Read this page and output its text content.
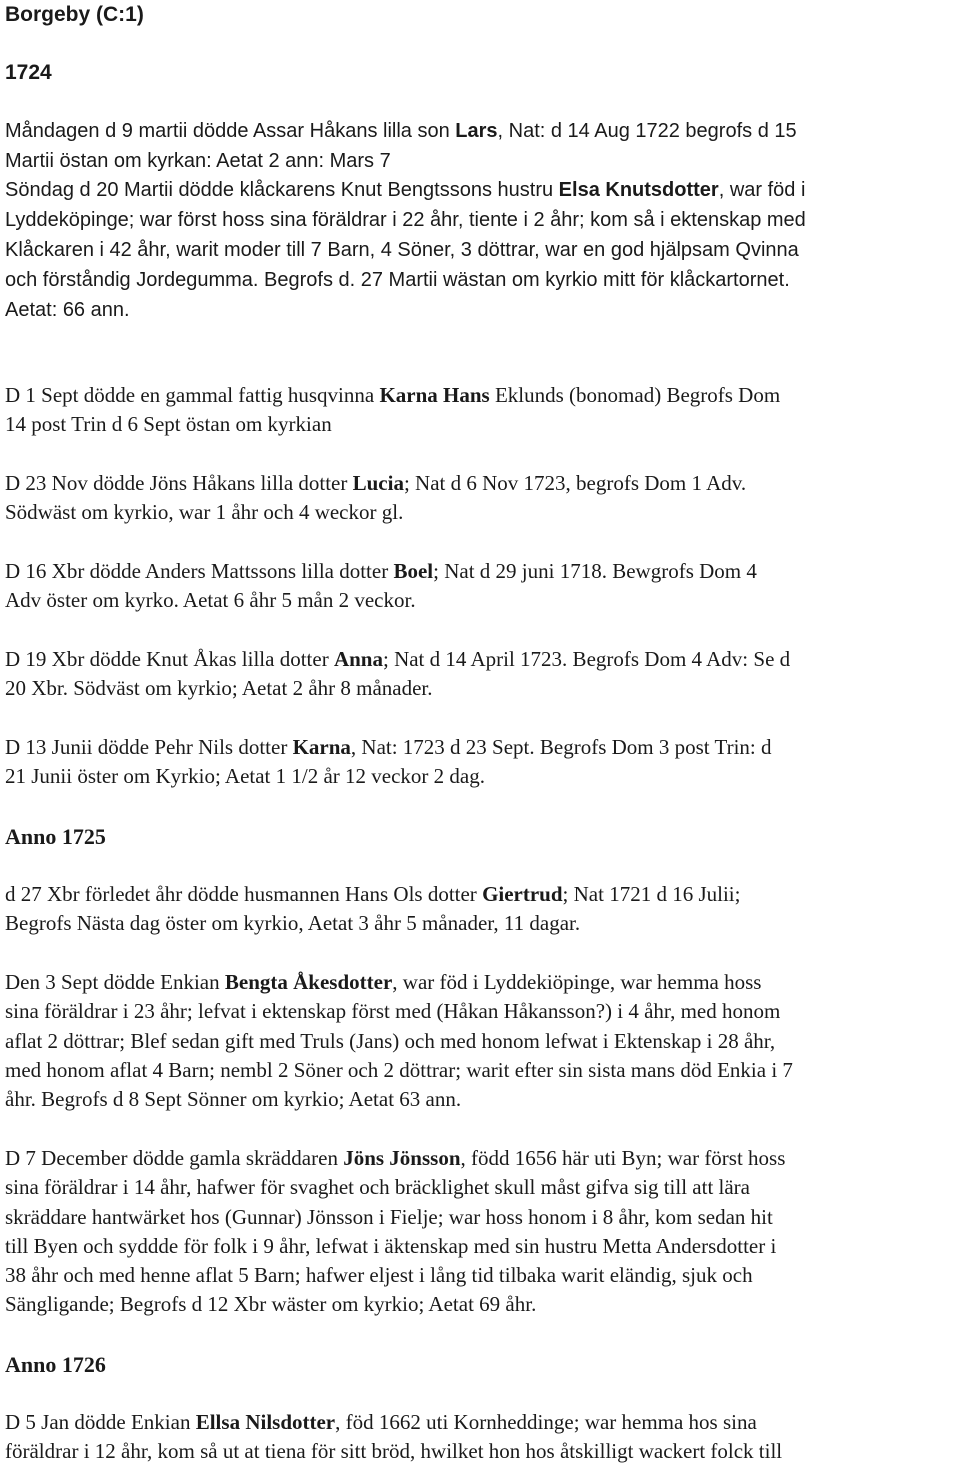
Borgeby (C:1)
1724
Måndagen d 9 martii dödde Assar Håkans lilla son Lars, Nat: d 14 Aug 1722 begrofs d 15
Martii östan om kyrkan: Aetat 2 ann: Mars 7
Söndag d 20 Martii dödde klåckarens Knut Bengtssons hustru Elsa Knutsdotter, war föd i
Lyddeköpinge; war först hoss sina föräldrar i 22 åhr, tiente i 2 åhr; kom så i ektenskap med
Klåckaren i 42 åhr, warit moder till 7 Barn, 4 Söner, 3 döttrar, war en god hjälpsam Qvinna
och förståndig Jordegumma. Begrofs d. 27 Martii wästan om kyrkio mitt för klåckartornet.
Aetat: 66 ann.
D 1 Sept dödde en gammal fattig husqvinna Karna Hans Eklunds (bonomad) Begrofs Dom
14 post Trin d 6 Sept östan om kyrkian
D 23 Nov dödde Jöns Håkans lilla dotter Lucia; Nat d 6 Nov 1723, begrofs Dom 1 Adv.
Södwäst om kyrkio, war 1 åhr och 4 weckor gl.
D 16 Xbr dödde Anders Mattssons lilla dotter Boel; Nat d 29 juni 1718. Bewgrofs Dom 4
Adv öster om kyrko. Aetat 6 åhr 5 mån 2 veckor.
D 19 Xbr dödde Knut Åkas lilla dotter Anna; Nat d 14 April 1723. Begrofs Dom 4 Adv: Se d
20 Xbr. Södväst om kyrkio; Aetat 2 åhr 8 månader.
D 13 Junii dödde Pehr Nils dotter Karna, Nat: 1723 d 23 Sept. Begrofs Dom 3 post Trin: d
21 Junii öster om Kyrkio; Aetat 1 1/2 år 12 veckor 2 dag.
Anno 1725
d 27 Xbr förledet åhr dödde husmannen Hans Ols dotter Giertrud; Nat 1721 d 16 Julii;
Begrofs Nästa dag öster om kyrkio, Aetat 3 åhr 5 månader, 11 dagar.
Den 3 Sept dödde Enkian Bengta Åkesdotter, war föd i Lyddekiöpinge, war hemma hoss
sina föräldrar i 23 åhr; lefvat i ektenskap först med (Håkan Håkansson?) i 4 åhr, med honom
aflat 2 döttrar; Blef sedan gift med Truls (Jans) och med honom lefwat i Ektenskap i 28 åhr,
med honom aflat 4 Barn; nembl 2 Söner och 2 döttrar; warit efter sin sista mans död Enkia i 7
åhr. Begrofs d 8 Sept Sönner om kyrkio; Aetat 63 ann.
D 7 December dödde gamla skräddaren Jöns Jönsson, född 1656 här uti Byn; war först hoss
sina föräldrar i 14 åhr, hafwer för svaghet och bräcklighet skull måst gifva sig till att lära
skräddare hantwärket hos (Gunnar) Jönsson i Fielje; war hoss honom i 8 åhr, kom sedan hit
till Byen och syddde för folk i 9 åhr, lefwat i äktenskap med sin hustru Metta Andersdotter i
38 åhr och med henne aflat 5 Barn; hafwer eljest i lång tid tilbaka warit eländig, sjuk och
Sängligande; Begrofs d 12 Xbr wäster om kyrkio; Aetat 69 åhr.
Anno 1726
D 5 Jan dödde Enkian Ellsa Nilsdotter, föd 1662 uti Kornheddinge; war hemma hos sina
föräldrar i 12 åhr, kom så ut at tiena för sitt bröd, hwilket hon hos åtskilligt wackert folck till
